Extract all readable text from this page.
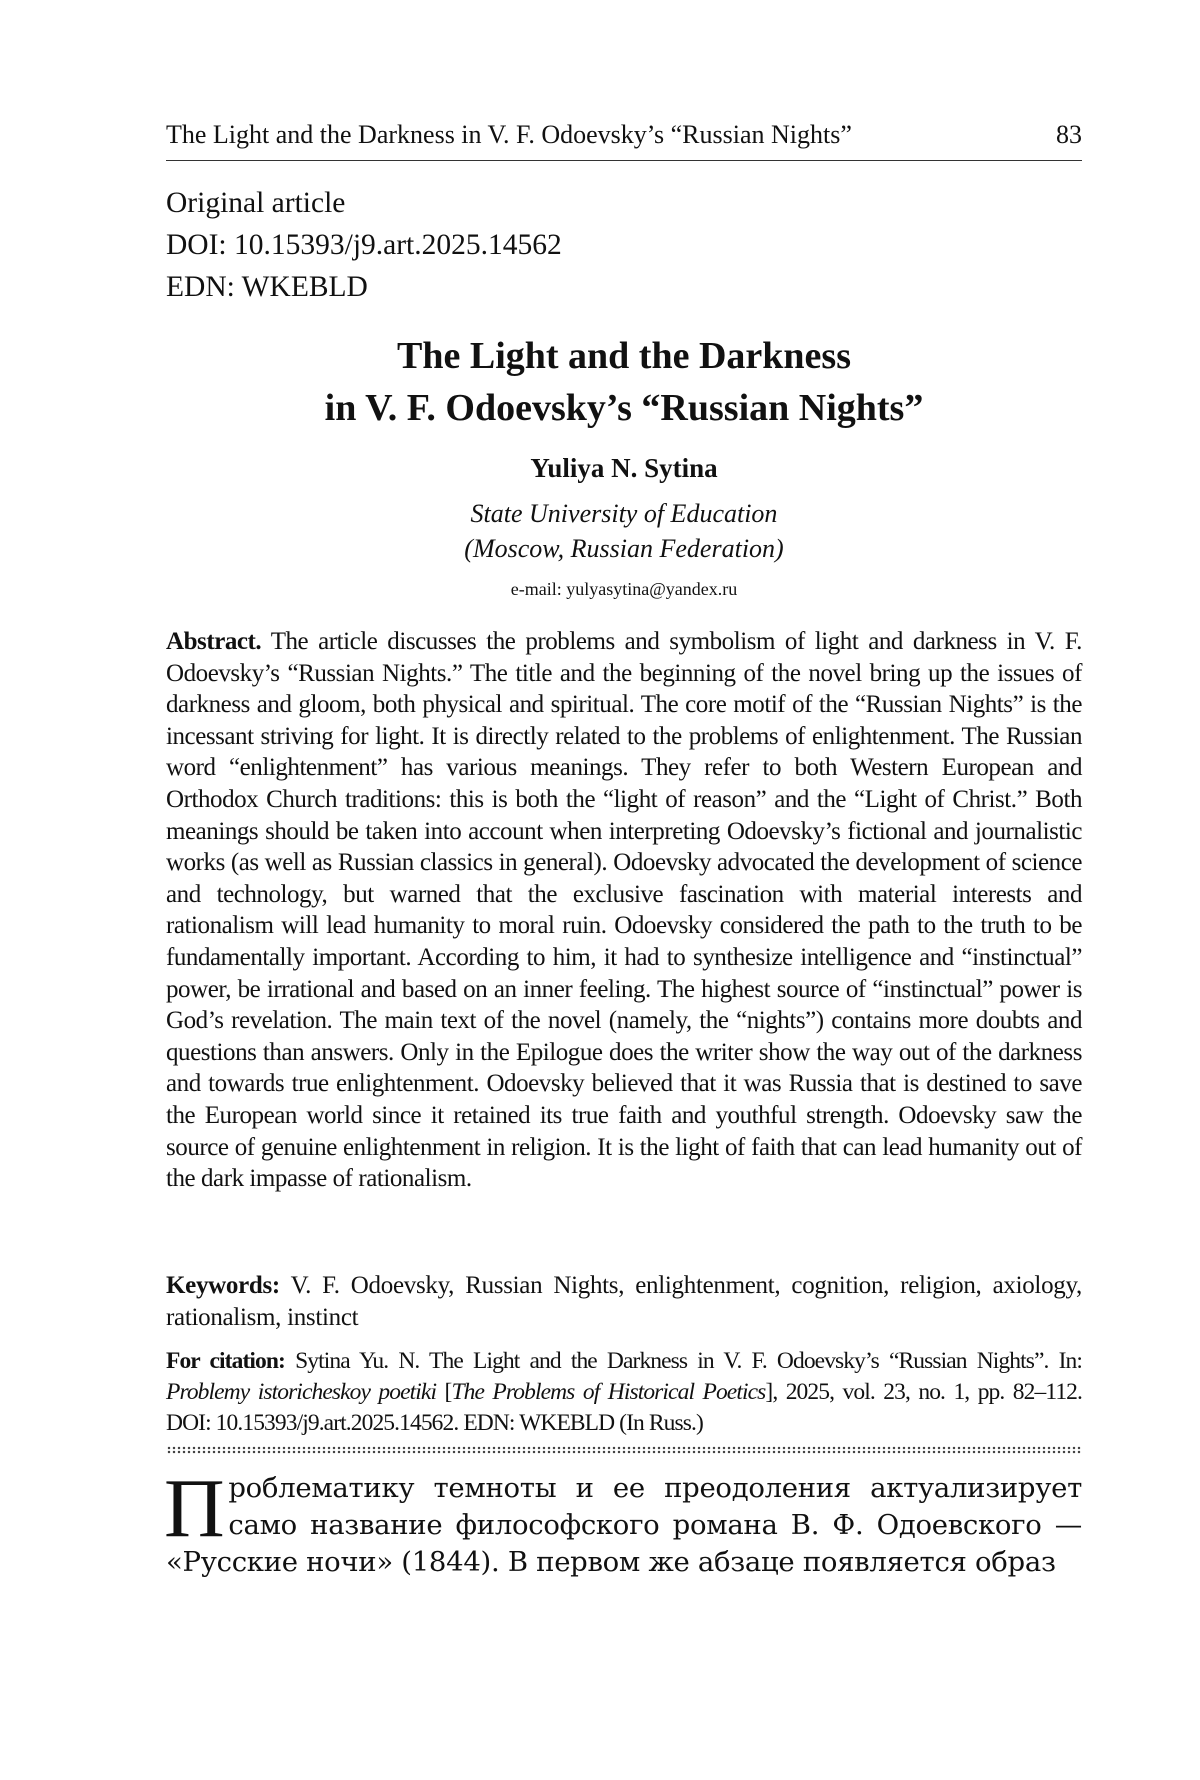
The Light and the Darkness in V. F. Odoevsky’s “Russian Nights”	83
Original article
DOI: 10.15393/j9.art.2025.14562
EDN: WKEBLD
The Light and the Darkness
in V. F. Odoevsky’s “Russian Nights”
Yuliya N. Sytina
State University of Education
(Moscow, Russian Federation)
e-mail: yulyasytina@yandex.ru
Abstract. The article discusses the problems and symbolism of light and darkness in V. F. Odoevsky’s “Russian Nights.” The title and the beginning of the novel bring up the issues of darkness and gloom, both physical and spiritual. The core motif of the “Russian Nights” is the incessant striving for light. It is directly related to the problems of enlightenment. The Russian word “enlightenment” has various meanings. They refer to both Western European and Orthodox Church traditions: this is both the “light of reason” and the “Light of Christ.” Both meanings should be taken into account when interpreting Odoevsky’s fictional and journalistic works (as well as Russian classics in general). Odoevsky advocated the development of science and technology, but warned that the exclusive fascination with material interests and rationalism will lead humanity to moral ruin. Odoevsky considered the path to the truth to be fundamentally important. According to him, it had to synthesize intelligence and “instinctual” power, be irrational and based on an inner feeling. The highest source of “instinctual” power is God’s revelation. The main text of the novel (namely, the “nights”) contains more doubts and questions than answers. Only in the Epilogue does the writer show the way out of the darkness and towards true enlightenment. Odoevsky believed that it was Russia that is destined to save the European world since it retained its true faith and youthful strength. Odoevsky saw the source of genuine enlightenment in religion. It is the light of faith that can lead humanity out of the dark impasse of rationalism.
Keywords: V. F. Odoevsky, Russian Nights, enlightenment, cognition, religion, axiology, rationalism, instinct
For citation: Sytina Yu. N. The Light and the Darkness in V. F. Odoevsky’s “Russian Nights”. In: Problemy istoricheskoy poetiki [The Problems of Historical Poetics], 2025, vol. 23, no. 1, pp. 82–112. DOI: 10.15393/j9.art.2025.14562. EDN: WKEBLD (In Russ.)
П роблематику темноты и ее преодоления актуализирует само название философского романа В. Ф. Одоевского — «Русские ночи» (1844). В первом же абзаце появляется образ
